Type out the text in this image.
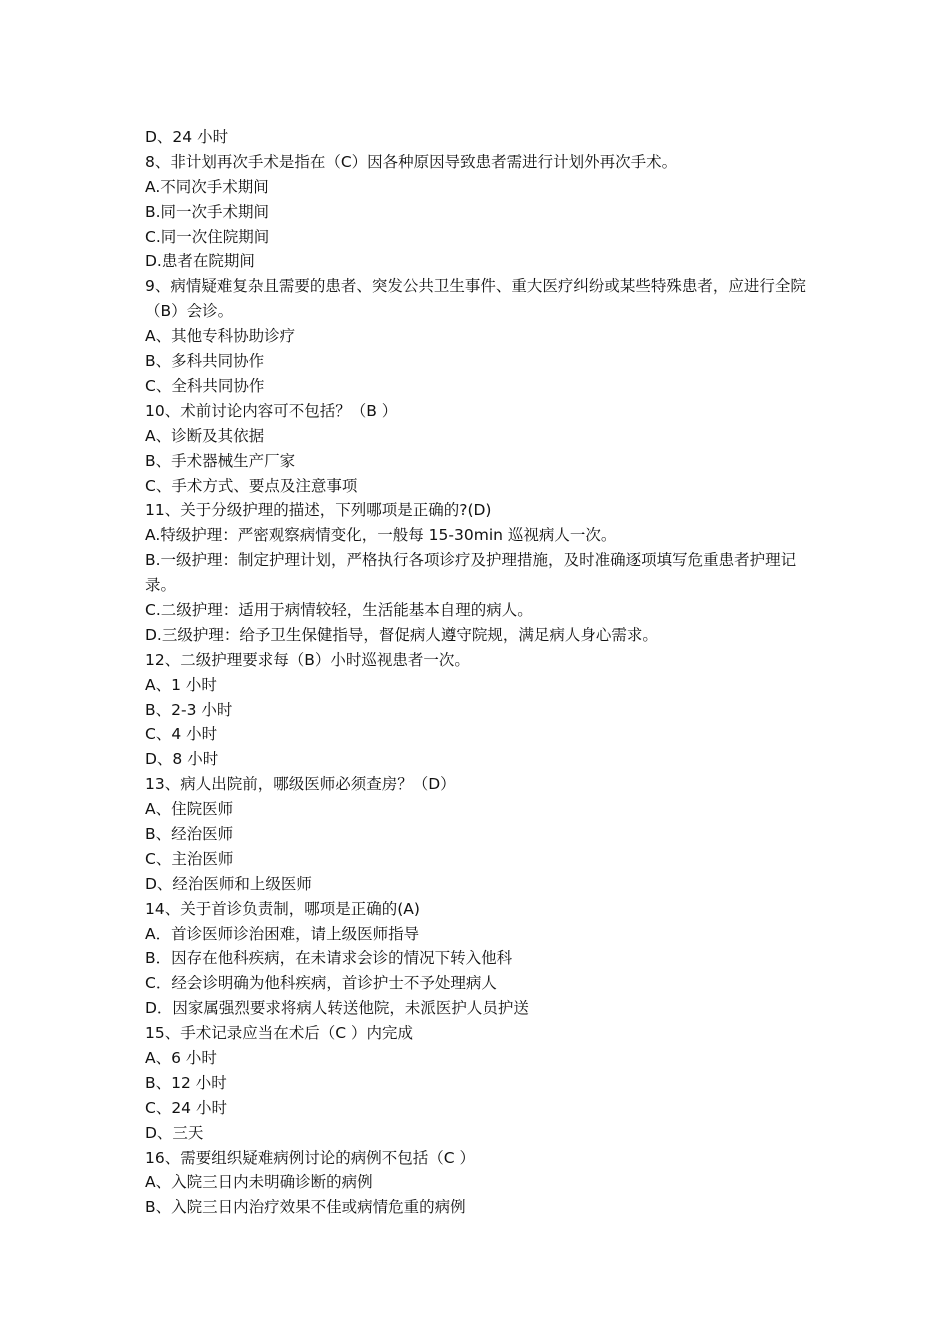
D、24 小时
8、非计划再次手术是指在（C）因各种原因导致患者需进行计划外再次手术。
A.不同次手术期间
B.同一次手术期间
C.同一次住院期间
D.患者在院期间
9、病情疑难复杂且需要的患者、突发公共卫生事件、重大医疗纠纷或某些特殊患者，应进行全院（B）会诊。
A、其他专科协助诊疗
B、多科共同协作
C、全科共同协作
10、术前讨论内容可不包括？（B ）
A、诊断及其依据
B、手术器械生产厂家
C、手术方式、要点及注意事项
11、关于分级护理的描述，下列哪项是正确的?(D)
A.特级护理：严密观察病情变化，一般每 15-30min 巡视病人一次。
B.一级护理：制定护理计划，严格执行各项诊疗及护理措施，及时准确逐项填写危重患者护理记录。
C.二级护理：适用于病情较轻，生活能基本自理的病人。
D.三级护理：给予卫生保健指导，督促病人遵守院规，满足病人身心需求。
12、二级护理要求每（B）小时巡视患者一次。
A、1 小时
B、2-3 小时
C、4 小时
D、8 小时
13、病人出院前，哪级医师必须查房？（D）
A、住院医师
B、经治医师
C、主治医师
D、经治医师和上级医师
14、关于首诊负责制，哪项是正确的(A)
A．首诊医师诊治困难，请上级医师指导
B．因存在他科疾病，在未请求会诊的情况下转入他科
C．经会诊明确为他科疾病，首诊护士不予处理病人
D．因家属强烈要求将病人转送他院，未派医护人员护送
15、手术记录应当在术后（C ）内完成
A、6 小时
B、12 小时
C、24 小时
D、三天
16、需要组织疑难病例讨论的病例不包括（C ）
A、入院三日内未明确诊断的病例
B、入院三日内治疗效果不佳或病情危重的病例
